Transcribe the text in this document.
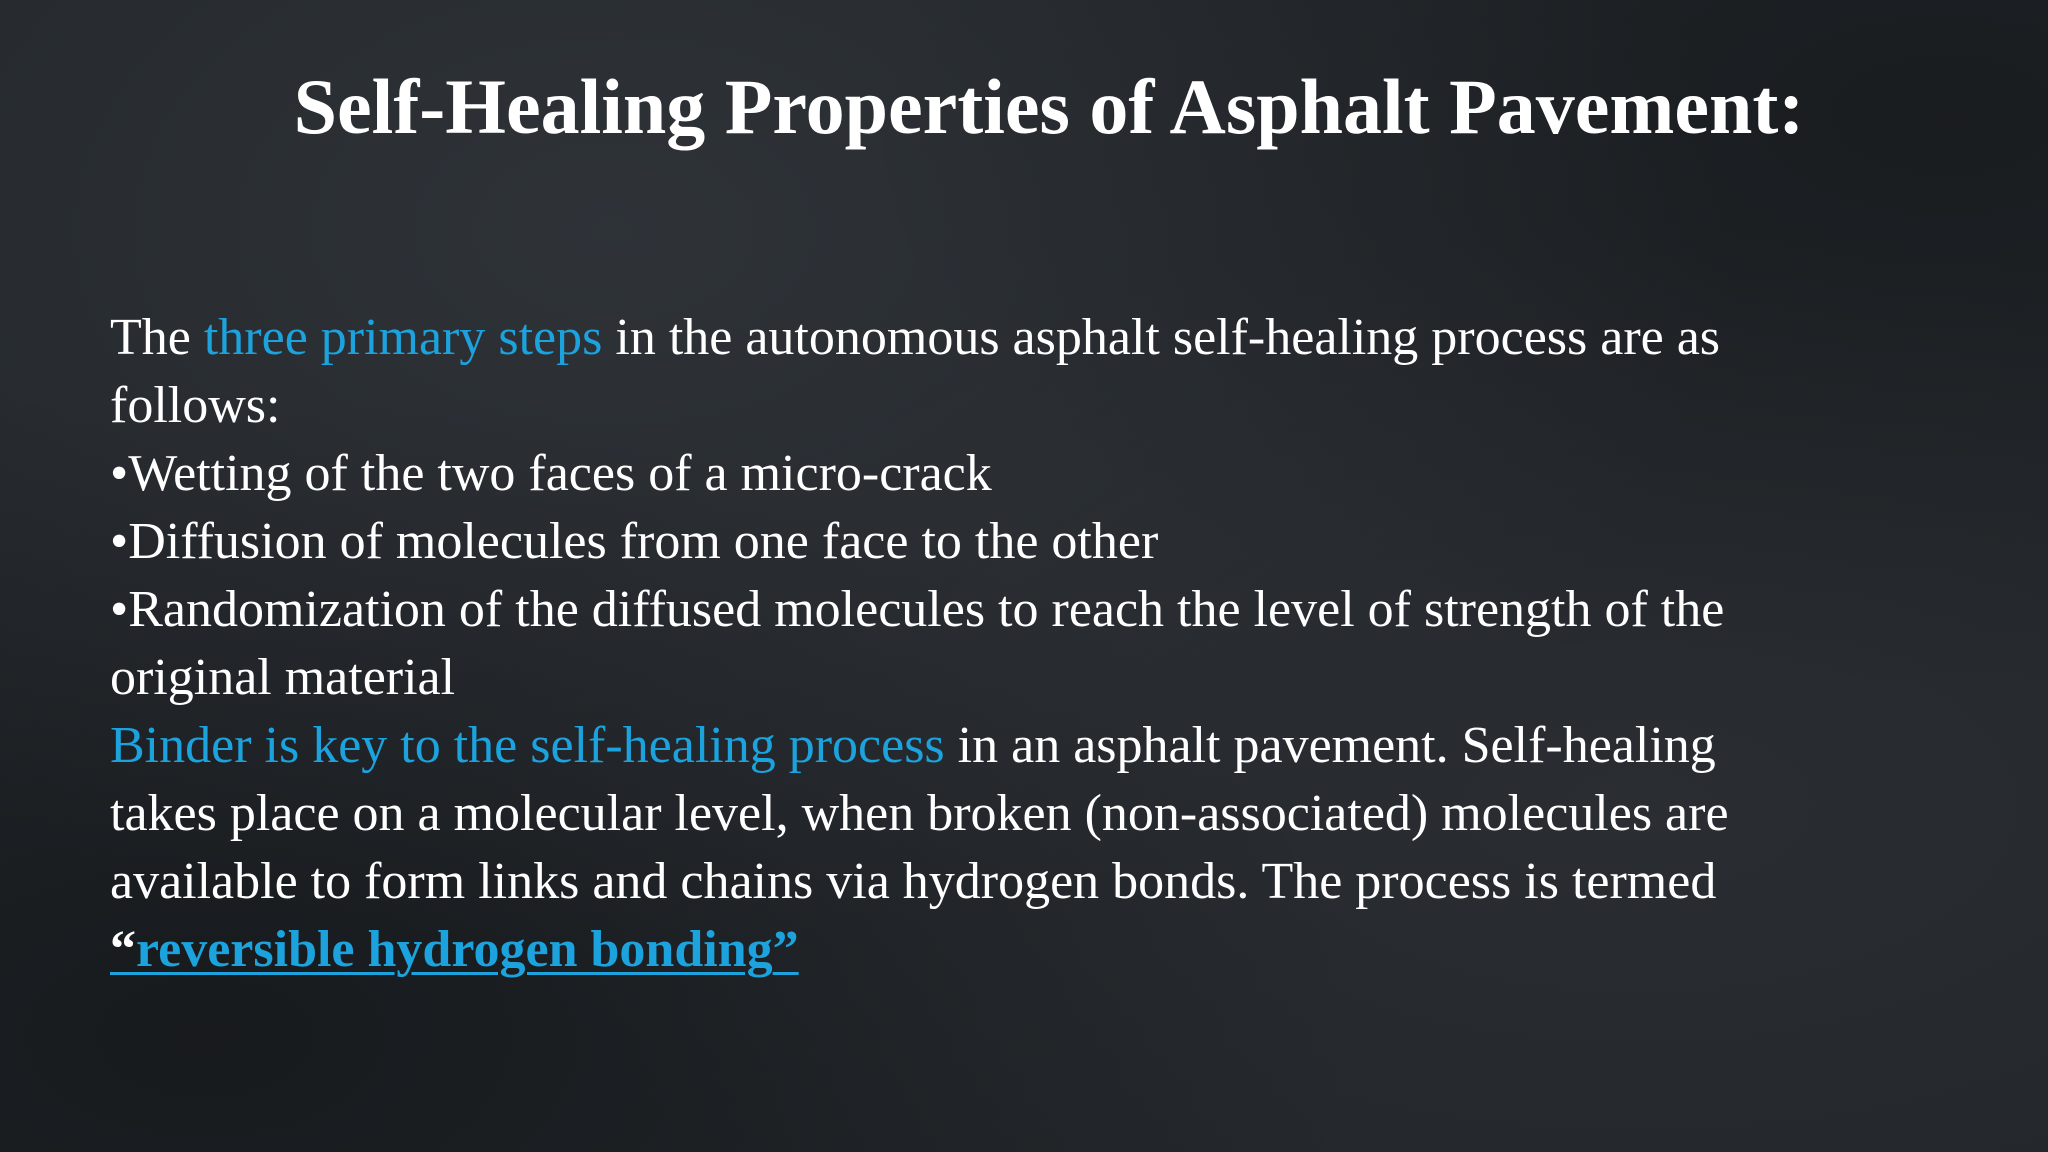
Self-Healing Properties of Asphalt Pavement:

The three primary steps in the autonomous asphalt self-healing process are as

follows:

•Wetting of the two faces of a micro-crack

•Diffusion of molecules from one face to the other

•Randomization of the diffused molecules to reach the level of strength of the

original material

Binder is key to the self-healing process in an asphalt pavement. Self-healing

takes place on a molecular level, when broken (non-associated) molecules are

available to form links and chains via hydrogen bonds. The process is termed

“reversible hydrogen bonding”
